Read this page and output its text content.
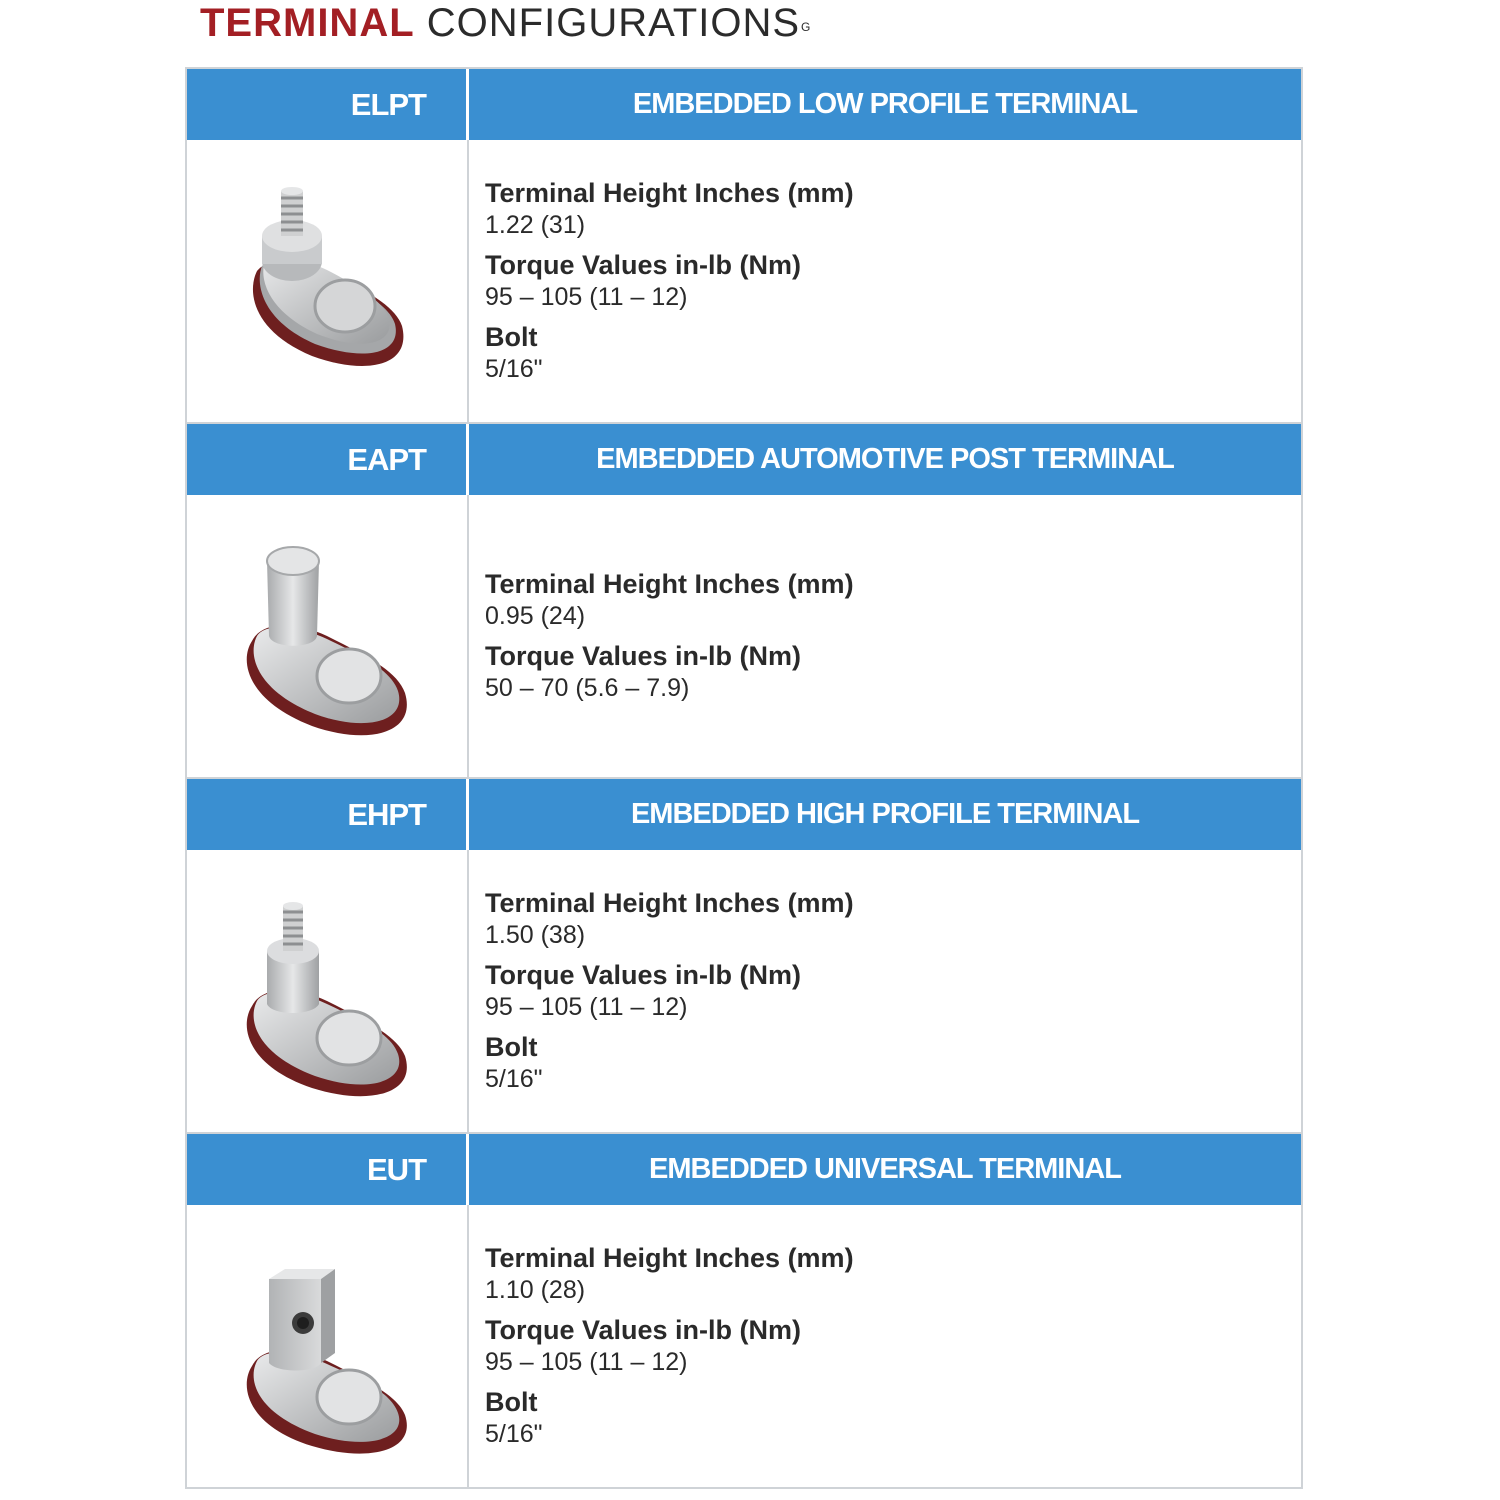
TERMINAL $CONFIGURATIONS^G$
ELPT	EMBEDDED LOW PROFILE TERMINAL
Terminal Height Inches (mm)
1.22 (31)
Torque Values in-lb (Nm)
95 – 105 (11 – 12)
Bolt
5/16"
EAPT	EMBEDDED AUTOMOTIVE POST TERMINAL
Terminal Height Inches (mm)
0.95 (24)
Torque Values in-lb (Nm)
50 – 70 (5.6 – 7.9)
EHPT	EMBEDDED HIGH PROFILE TERMINAL
Terminal Height Inches (mm)
1.50 (38)
Torque Values in-lb (Nm)
95 – 105 (11 – 12)
Bolt
5/16"
EUT	EMBEDDED UNIVERSAL TERMINAL
Terminal Height Inches (mm)
1.10 (28)
Torque Values in-lb (Nm)
95 – 105 (11 – 12)
Bolt
5/16"
